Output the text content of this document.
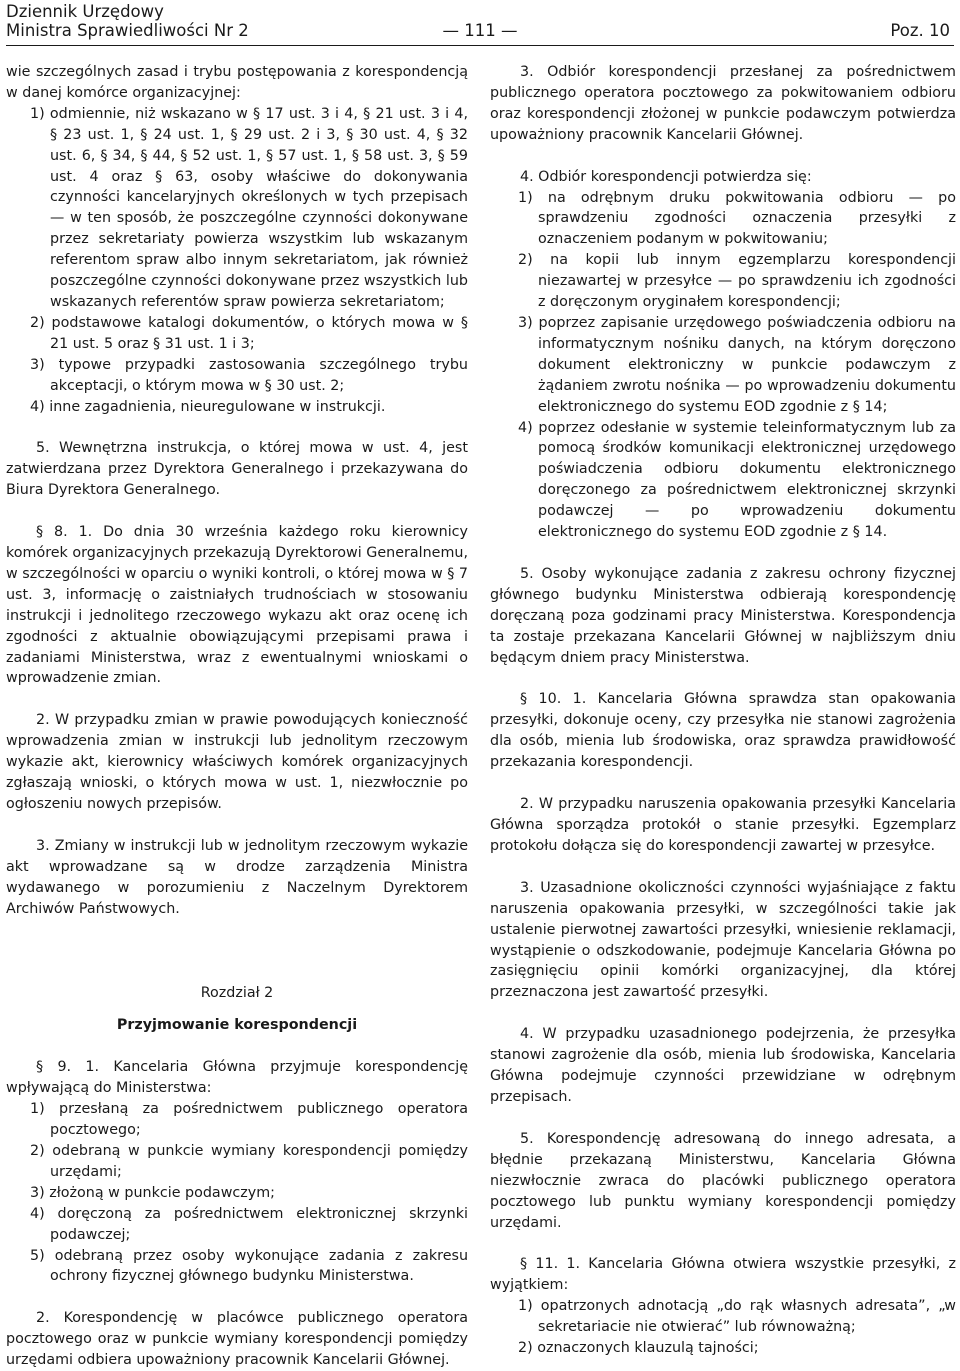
Dziennik Urzędowy
Ministra Sprawiedliwości Nr 2	— 111 —	Poz. 10

wie szczególnych zasad i trybu postępowania z korespondencją w danej komórce organizacyjnej:

1) odmiennie, niż wskazano w § 17 ust. 3 i 4, § 21 ust. 3 i 4, § 23 ust. 1, § 24 ust. 1, § 29 ust. 2 i 3, § 30 ust. 4, § 32 ust. 6, § 34, § 44, § 52 ust. 1, § 57 ust. 1, § 58 ust. 3, § 59 ust. 4 oraz § 63, osoby właściwe do dokonywania czynności kancelaryjnych określonych w tych przepisach — w ten sposób, że poszczególne czynności dokonywane przez sekretariaty powierza wszystkim lub wskazanym referentom spraw albo innym sekretariatom, jak również poszczególne czynności dokonywane przez wszystkich lub wskazanych referentów spraw powierza sekretariatom;

2) podstawowe katalogi dokumentów, o których mowa w § 21 ust. 5 oraz § 31 ust. 1 i 3;

3) typowe przypadki zastosowania szczególnego trybu akceptacji, o którym mowa w § 30 ust. 2;

4) inne zagadnienia, nieuregulowane w instrukcji.

5. Wewnętrzna instrukcja, o której mowa w ust. 4, jest zatwierdzana przez Dyrektora Generalnego i przekazywana do Biura Dyrektora Generalnego.

§ 8. 1. Do dnia 30 września każdego roku kierownicy komórek organizacyjnych przekazują Dyrektorowi Generalnemu, w szczególności w oparciu o wyniki kontroli, o której mowa w § 7 ust. 3, informację o zaistniałych trudnościach w stosowaniu instrukcji i jednolitego rzeczowego wykazu akt oraz ocenę ich zgodności z aktualnie obowiązującymi przepisami prawa i zadaniami Ministerstwa, wraz z ewentualnymi wnioskami o wprowadzenie zmian.

2. W przypadku zmian w prawie powodujących konieczność wprowadzenia zmian w instrukcji lub jednolitym rzeczowym wykazie akt, kierownicy właściwych komórek organizacyjnych zgłaszają wnioski, o których mowa w ust. 1, niezwłocznie po ogłoszeniu nowych przepisów.

3. Zmiany w instrukcji lub w jednolitym rzeczowym wykazie akt wprowadzane są w drodze zarządzenia Ministra wydawanego w porozumieniu z Naczelnym Dyrektorem Archiwów Państwowych.

Rozdział 2

Przyjmowanie korespondencji

§ 9. 1. Kancelaria Główna przyjmuje korespondencję wpływającą do Ministerstwa:

1) przesłaną za pośrednictwem publicznego operatora pocztowego;

2) odebraną w punkcie wymiany korespondencji pomiędzy urzędami;

3) złożoną w punkcie podawczym;

4) doręczoną za pośrednictwem elektronicznej skrzynki podawczej;

5) odebraną przez osoby wykonujące zadania z zakresu ochrony fizycznej głównego budynku Ministerstwa.

2. Korespondencję w placówce publicznego operatora pocztowego oraz w punkcie wymiany korespondencji pomiędzy urzędami odbiera upoważniony pracownik Kancelarii Głównej.

3. Odbiór korespondencji przesłanej za pośrednictwem publicznego operatora pocztowego za pokwitowaniem odbioru oraz korespondencji złożonej w punkcie podawczym potwierdza upoważniony pracownik Kancelarii Głównej.

4. Odbiór korespondencji potwierdza się:

1) na odrębnym druku pokwitowania odbioru — po sprawdzeniu zgodności oznaczenia przesyłki z oznaczeniem podanym w pokwitowaniu;

2) na kopii lub innym egzemplarzu korespondencji niezawartej w przesyłce — po sprawdzeniu ich zgodności z doręczonym oryginałem korespondencji;

3) poprzez zapisanie urzędowego poświadczenia odbioru na informatycznym nośniku danych, na którym doręczono dokument elektroniczny w punkcie podawczym z żądaniem zwrotu nośnika — po wprowadzeniu dokumentu elektronicznego do systemu EOD zgodnie z § 14;

4) poprzez odesłanie w systemie teleinformatycznym lub za pomocą środków komunikacji elektronicznej urzędowego poświadczenia odbioru dokumentu elektronicznego doręczonego za pośrednictwem elektronicznej skrzynki podawczej — po wprowadzeniu dokumentu elektronicznego do systemu EOD zgodnie z § 14.

5. Osoby wykonujące zadania z zakresu ochrony fizycznej głównego budynku Ministerstwa odbierają korespondencję doręczaną poza godzinami pracy Ministerstwa. Korespondencja ta zostaje przekazana Kancelarii Głównej w najbliższym dniu będącym dniem pracy Ministerstwa.

§ 10. 1. Kancelaria Główna sprawdza stan opakowania przesyłki, dokonuje oceny, czy przesyłka nie stanowi zagrożenia dla osób, mienia lub środowiska, oraz sprawdza prawidłowość przekazania korespondencji.

2. W przypadku naruszenia opakowania przesyłki Kancelaria Główna sporządza protokół o stanie przesyłki. Egzemplarz protokołu dołącza się do korespondencji zawartej w przesyłce.

3. Uzasadnione okoliczności czynności wyjaśniające z faktu naruszenia opakowania przesyłki, w szczególności takie jak ustalenie pierwotnej zawartości przesyłki, wniesienie reklamacji, wystąpienie o odszkodowanie, podejmuje Kancelaria Główna po zasięgnięciu opinii komórki organizacyjnej, dla której przeznaczona jest zawartość przesyłki.

4. W przypadku uzasadnionego podejrzenia, że przesyłka stanowi zagrożenie dla osób, mienia lub środowiska, Kancelaria Główna podejmuje czynności przewidziane w odrębnym przepisach.

5. Korespondencję adresowaną do innego adresata, a błędnie przekazaną Ministerstwu, Kancelaria Główna niezwłocznie zwraca do placówki publicznego operatora pocztowego lub punktu wymiany korespondencji pomiędzy urzędami.

§ 11. 1. Kancelaria Główna otwiera wszystkie przesyłki, z wyjątkiem:

1) opatrzonych adnotacją „do rąk własnych adresata”, „w sekretariacie nie otwierać” lub równoważną;

2) oznaczonych klauzulą tajności;
